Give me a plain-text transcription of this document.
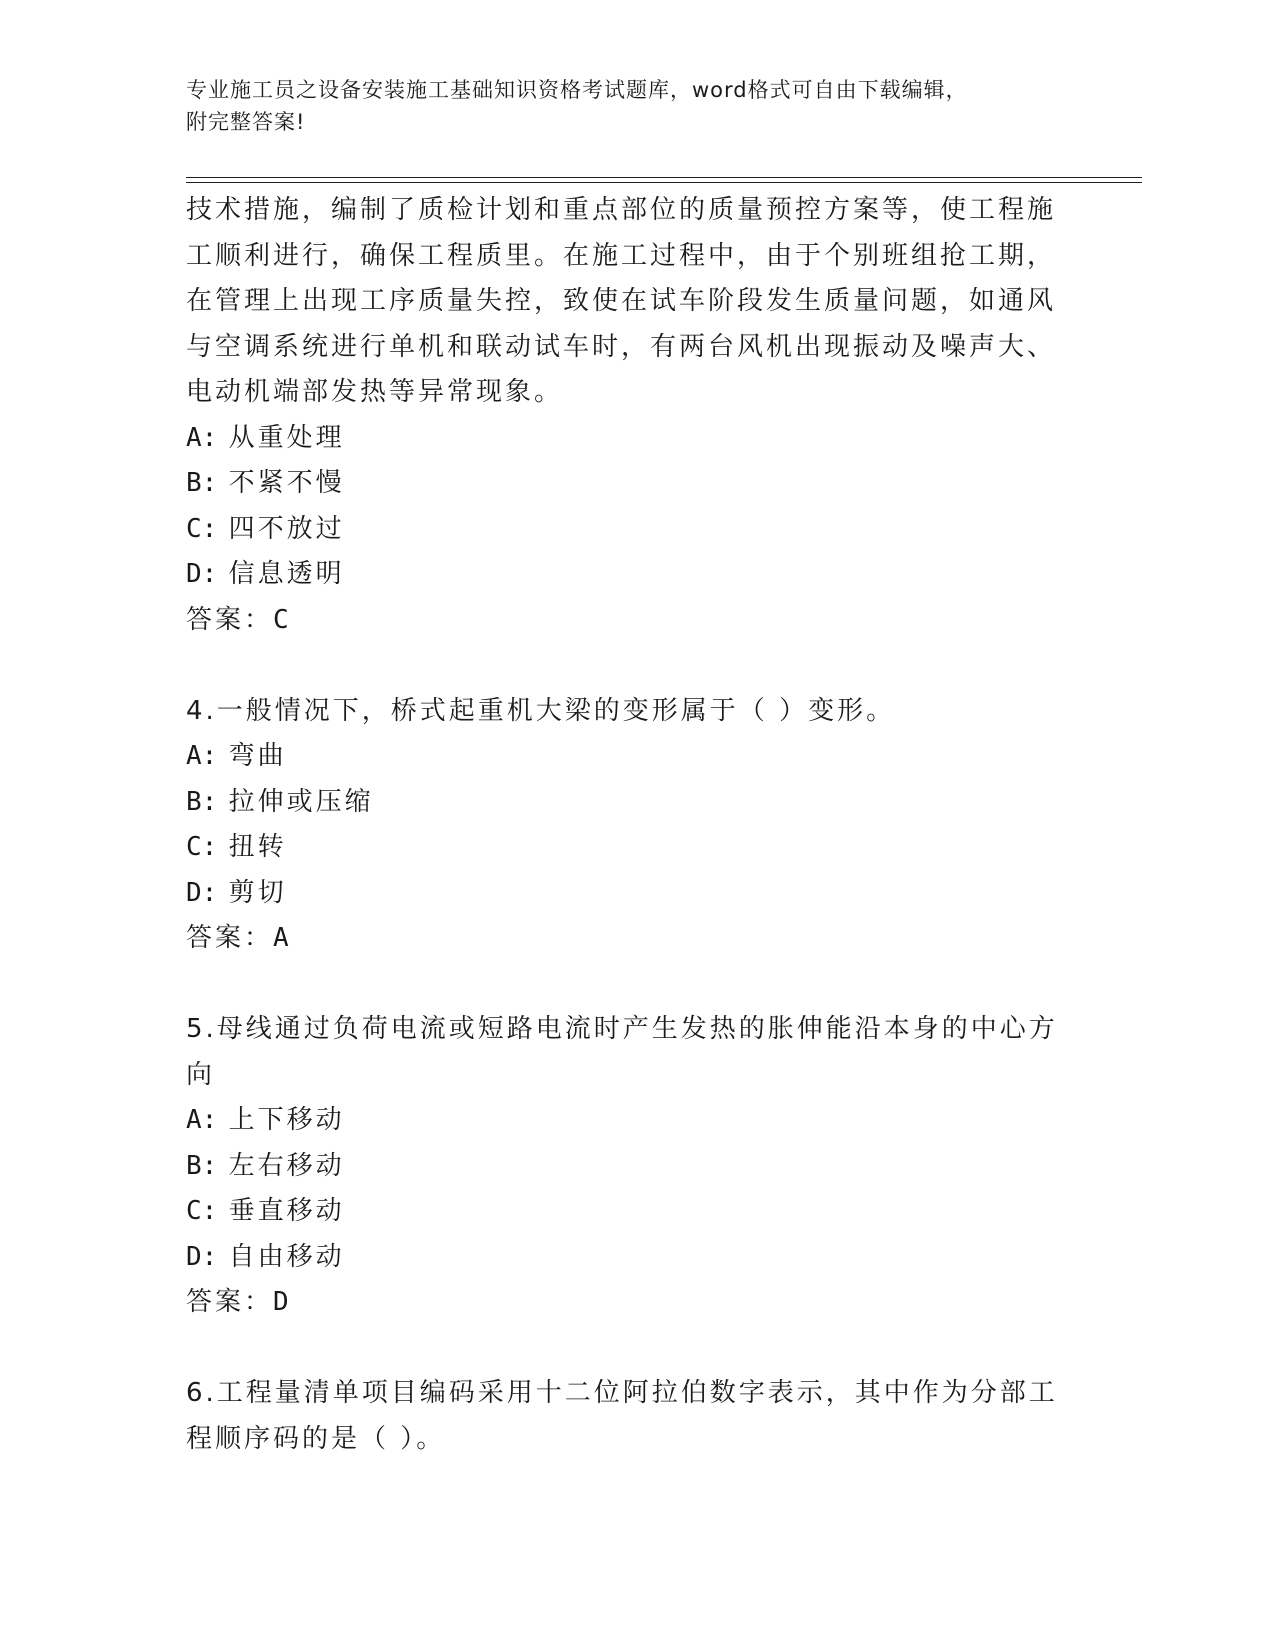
专业施工员之设备安装施工基础知识资格考试题库，word格式可自由下载编辑，
附完整答案!
技术措施，编制了质检计划和重点部位的质量预控方案等，使工程施
工顺利进行，确保工程质里。在施工过程中，由于个别班组抢工期，
在管理上出现工序质量失控，致使在试车阶段发生质量问题，如通风
与空调系统进行单机和联动试车时，有两台风机出现振动及噪声大、
电动机端部发热等异常现象。
A: 从重处理
B: 不紧不慢
C: 四不放过
D: 信息透明
答案：C
4.一般情况下，桥式起重机大梁的变形属于（ ）变形。
A: 弯曲
B: 拉伸或压缩
C: 扭转
D: 剪切
答案：A
5.母线通过负荷电流或短路电流时产生发热的胀伸能沿本身的中心方
向
A: 上下移动
B: 左右移动
C: 垂直移动
D: 自由移动
答案：D
6.工程量清单项目编码采用十二位阿拉伯数字表示，其中作为分部工
程顺序码的是（ ）。
